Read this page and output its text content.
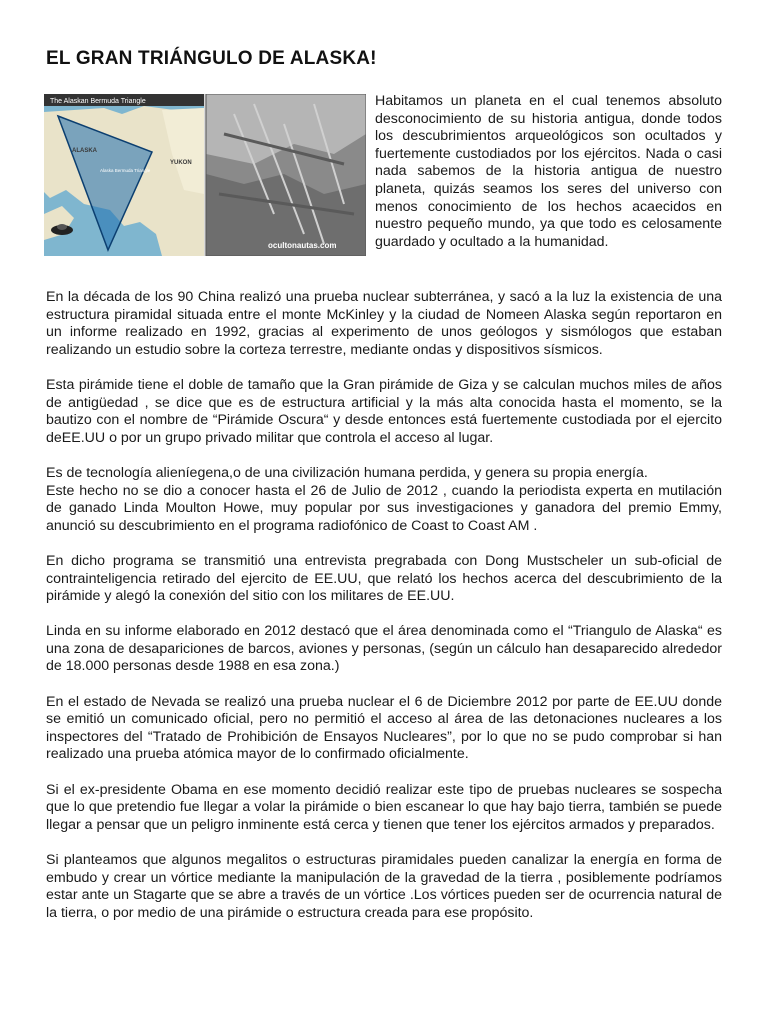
EL GRAN TRIÁNGULO DE ALASKA!
The Alaskan Bermuda Triangle
ALASKA
YUKON
Alaska Bermuda Triangle
ocultonautas.com

Habitamos un planeta en el cual tenemos absoluto desconocimiento de su historia antigua, donde todos los descubrimientos arqueológicos son ocultados y fuertemente custodiados por los ejércitos. Nada o casi nada sabemos de la historia antigua de nuestro planeta, quizás seamos los seres del universo con menos conocimiento de los hechos acaecidos en nuestro pequeño mundo, ya que todo es celosamente guardado y ocultado a la humanidad.

En la década de los 90 China realizó una prueba nuclear subterránea, y sacó a la luz la existencia de una estructura piramidal situada entre el monte McKinley y la ciudad de Nomeen Alaska según reportaron en un informe realizado en 1992, gracias al experimento de unos geólogos y sismólogos que estaban realizando un estudio sobre la corteza terrestre, mediante ondas y dispositivos sísmicos.

Esta pirámide tiene el doble de tamaño que la Gran pirámide de Giza y se calculan muchos miles de años de antigüedad , se dice que es de estructura artificial y la más alta conocida hasta el momento, se la bautizo con el nombre de “Pirámide Oscura“ y desde entonces está fuertemente custodiada por el ejercito deEE.UU o por un grupo privado militar que controla el acceso al lugar.

Es de tecnología alieníegena,o de una civilización humana perdida, y genera su propia energía.

Este hecho no se dio a conocer hasta el 26 de Julio de 2012 , cuando la periodista experta en mutilación de ganado Linda Moulton Howe, muy popular por sus investigaciones y ganadora del premio Emmy, anunció su descubrimiento en el programa radiofónico de Coast to Coast AM .

En dicho programa se transmitió una entrevista pregrabada con Dong Mustscheler un sub-oficial de contrainteligencia retirado del ejercito de EE.UU, que relató los hechos acerca del descubrimiento de la pirámide y alegó la conexión del sitio con los militares de EE.UU.

Linda en su informe elaborado en 2012 destacó que el área denominada como el “Triangulo de Alaska“ es una zona de desapariciones de barcos, aviones y personas, (según un cálculo han desaparecido alrededor de 18.000 personas desde 1988 en esa zona.)

En el estado de Nevada se realizó una prueba nuclear el 6 de Diciembre 2012 por parte de EE.UU donde se emitió un comunicado oficial, pero no permitió el acceso al área de las detonaciones nucleares a los inspectores del “Tratado de Prohibición de Ensayos Nucleares”, por lo que no se pudo comprobar si han realizado una prueba atómica mayor de lo confirmado oficialmente.

Si el ex-presidente Obama en ese momento decidió realizar este tipo de pruebas nucleares se sospecha que lo que pretendio fue llegar a volar la pirámide o bien escanear lo que hay bajo tierra, también se puede llegar a pensar que un peligro inminente está cerca y tienen que tener los ejércitos armados y preparados.

Si planteamos que algunos megalitos o estructuras piramidales pueden canalizar la energía en forma de embudo y crear un vórtice mediante la manipulación de la gravedad de la tierra , posiblemente podríamos estar ante un Stagarte que se abre a través de un vórtice .Los vórtices pueden ser de ocurrencia natural de la tierra, o por medio de una pirámide o estructura creada para ese propósito.
